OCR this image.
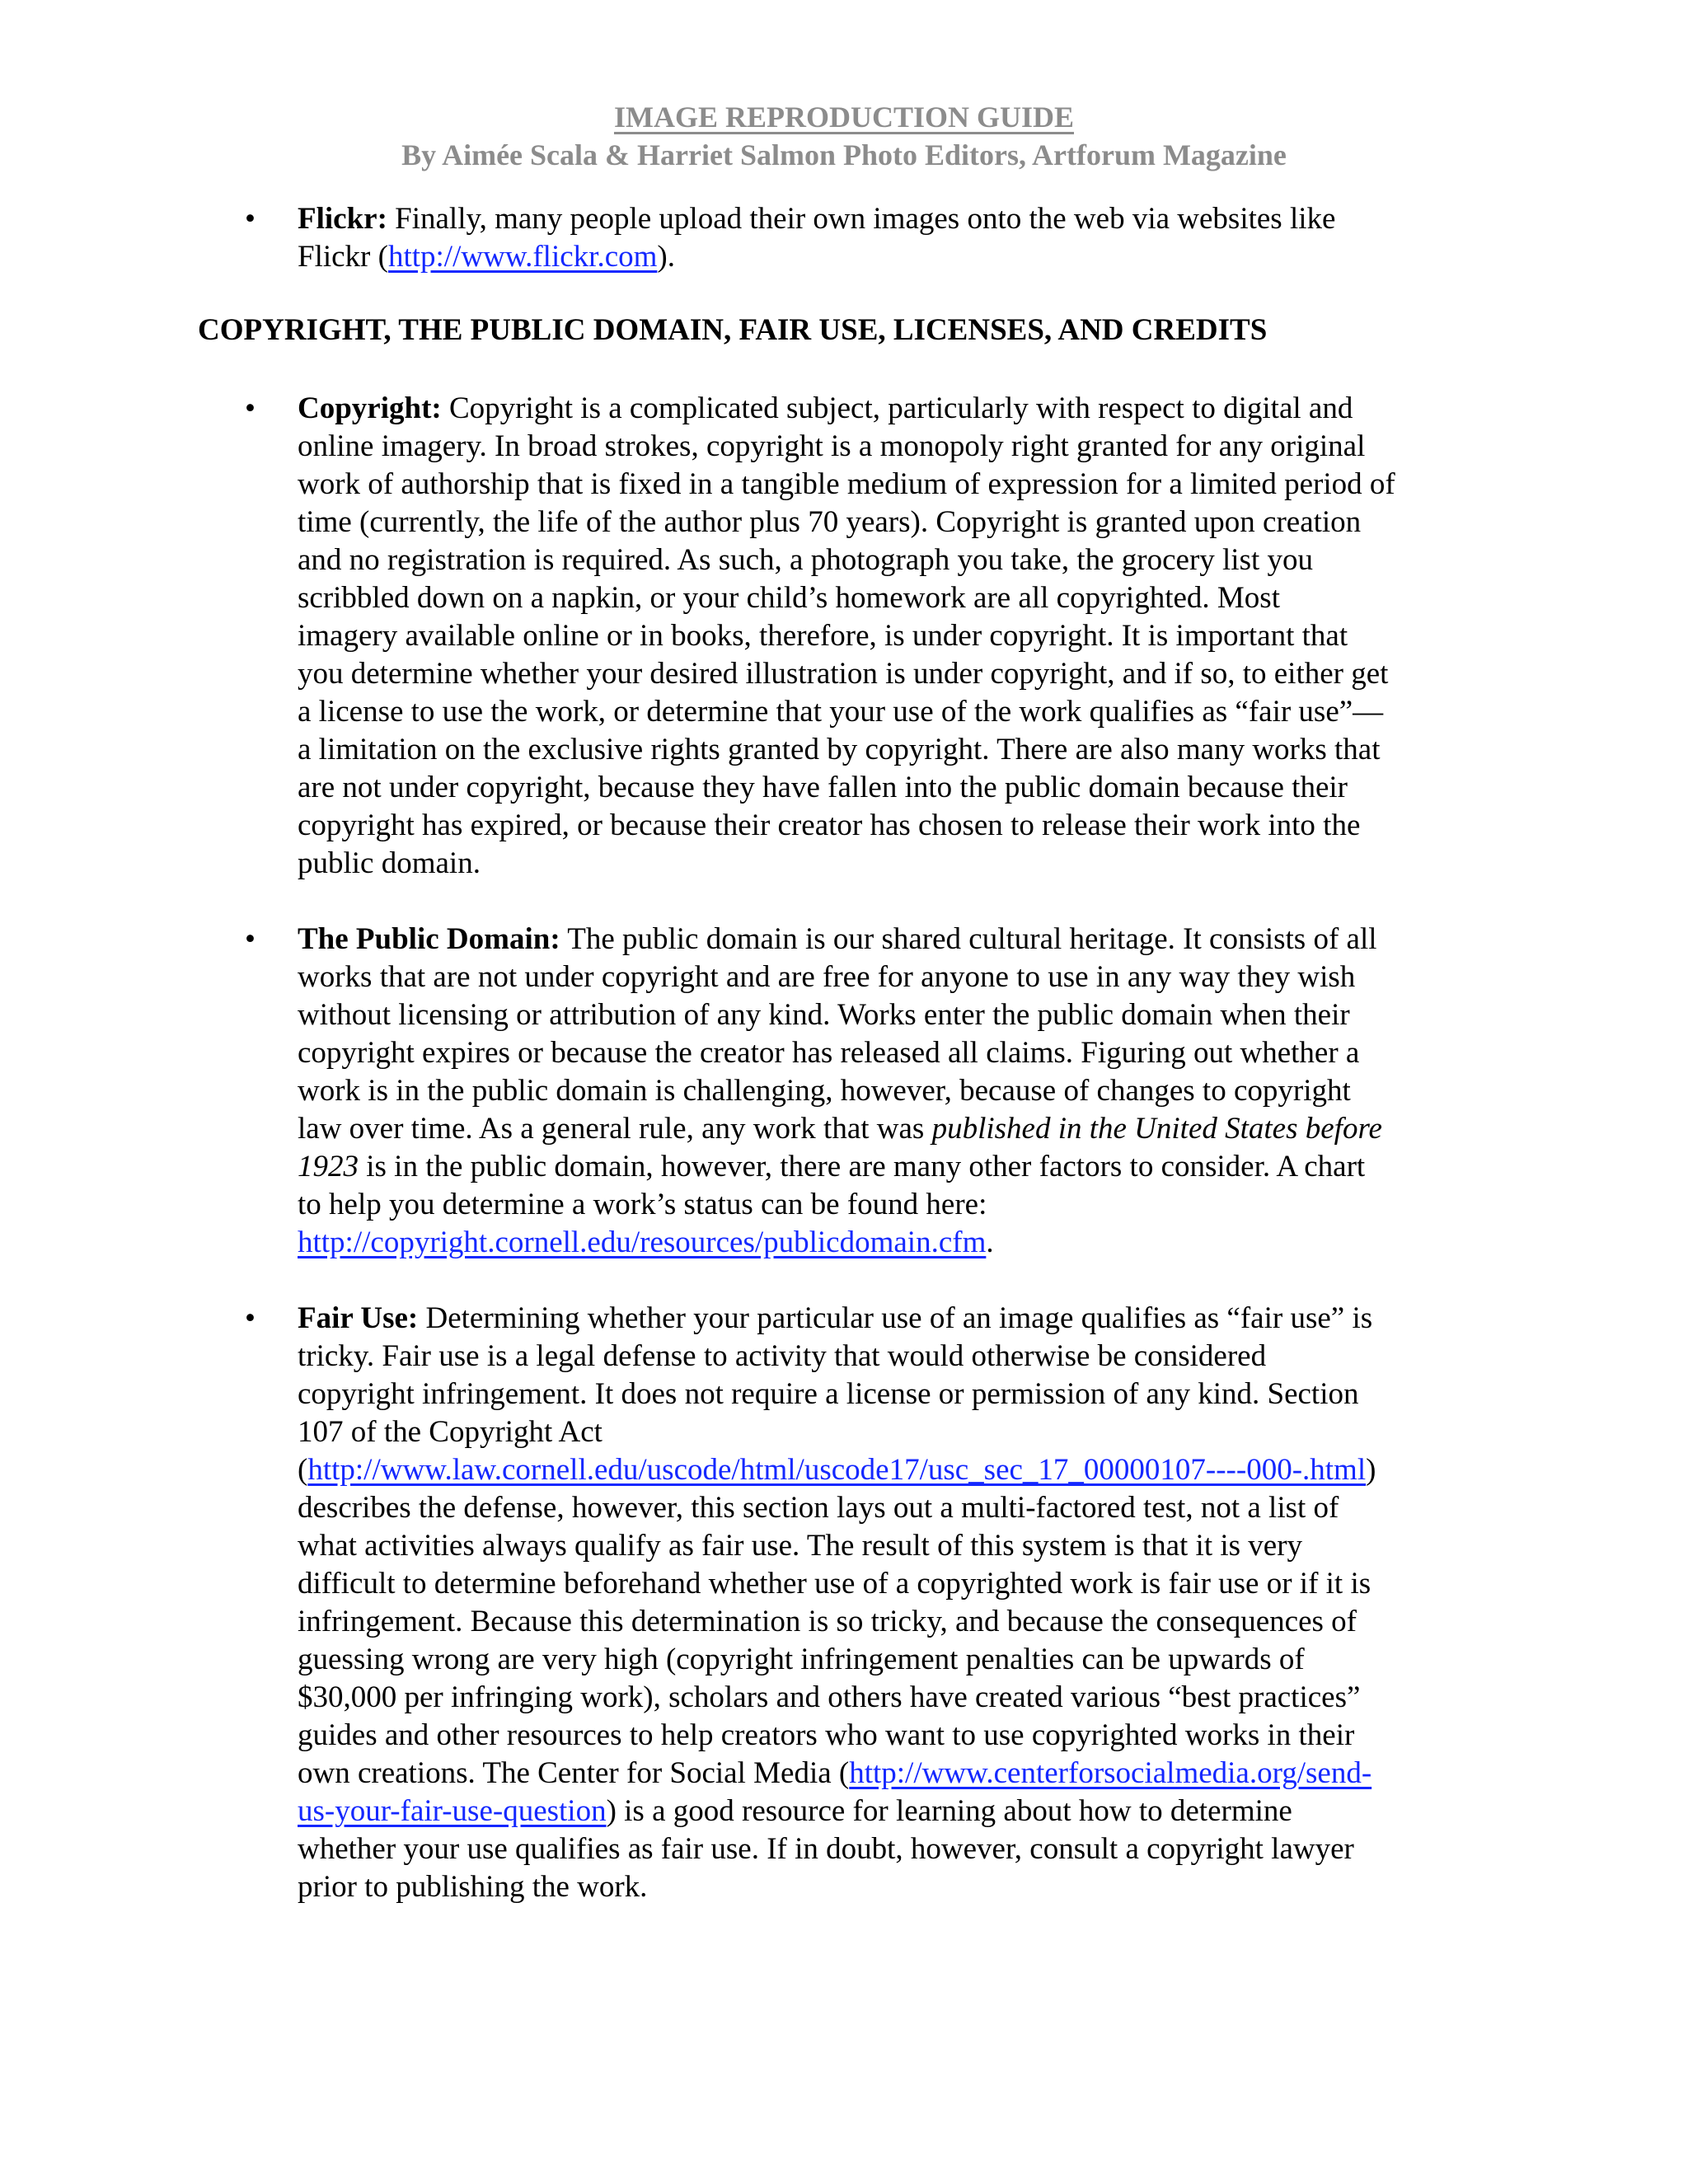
IMAGE REPRODUCTION GUIDE
By Aimée Scala & Harriet Salmon Photo Editors, Artforum Magazine
• Flickr: Finally, many people upload their own images onto the web via websites like
Flickr (http://www.flickr.com).
COPYRIGHT, THE PUBLIC DOMAIN, FAIR USE, LICENSES, AND CREDITS
• Copyright: Copyright is a complicated subject, particularly with respect to digital and
online imagery. In broad strokes, copyright is a monopoly right granted for any original
work of authorship that is fixed in a tangible medium of expression for a limited period of
time (currently, the life of the author plus 70 years). Copyright is granted upon creation
and no registration is required. As such, a photograph you take, the grocery list you
scribbled down on a napkin, or your child’s homework are all copyrighted. Most
imagery available online or in books, therefore, is under copyright. It is important that
you determine whether your desired illustration is under copyright, and if so, to either get
a license to use the work, or determine that your use of the work qualifies as “fair use”—
a limitation on the exclusive rights granted by copyright. There are also many works that
are not under copyright, because they have fallen into the public domain because their
copyright has expired, or because their creator has chosen to release their work into the
public domain.
• The Public Domain: The public domain is our shared cultural heritage. It consists of all
works that are not under copyright and are free for anyone to use in any way they wish
without licensing or attribution of any kind. Works enter the public domain when their
copyright expires or because the creator has released all claims. Figuring out whether a
work is in the public domain is challenging, however, because of changes to copyright
law over time. As a general rule, any work that was published in the United States before
1923 is in the public domain, however, there are many other factors to consider. A chart
to help you determine a work’s status can be found here:
http://copyright.cornell.edu/resources/publicdomain.cfm.
• Fair Use: Determining whether your particular use of an image qualifies as “fair use” is
tricky. Fair use is a legal defense to activity that would otherwise be considered
copyright infringement. It does not require a license or permission of any kind. Section
107 of the Copyright Act
(http://www.law.cornell.edu/uscode/html/uscode17/usc_sec_17_00000107----000-.html)
describes the defense, however, this section lays out a multi-factored test, not a list of
what activities always qualify as fair use. The result of this system is that it is very
difficult to determine beforehand whether use of a copyrighted work is fair use or if it is
infringement. Because this determination is so tricky, and because the consequences of
guessing wrong are very high (copyright infringement penalties can be upwards of
$30,000 per infringing work), scholars and others have created various “best practices”
guides and other resources to help creators who want to use copyrighted works in their
own creations. The Center for Social Media (http://www.centerforsocialmedia.org/send-
us-your-fair-use-question) is a good resource for learning about how to determine
whether your use qualifies as fair use. If in doubt, however, consult a copyright lawyer
prior to publishing the work.
